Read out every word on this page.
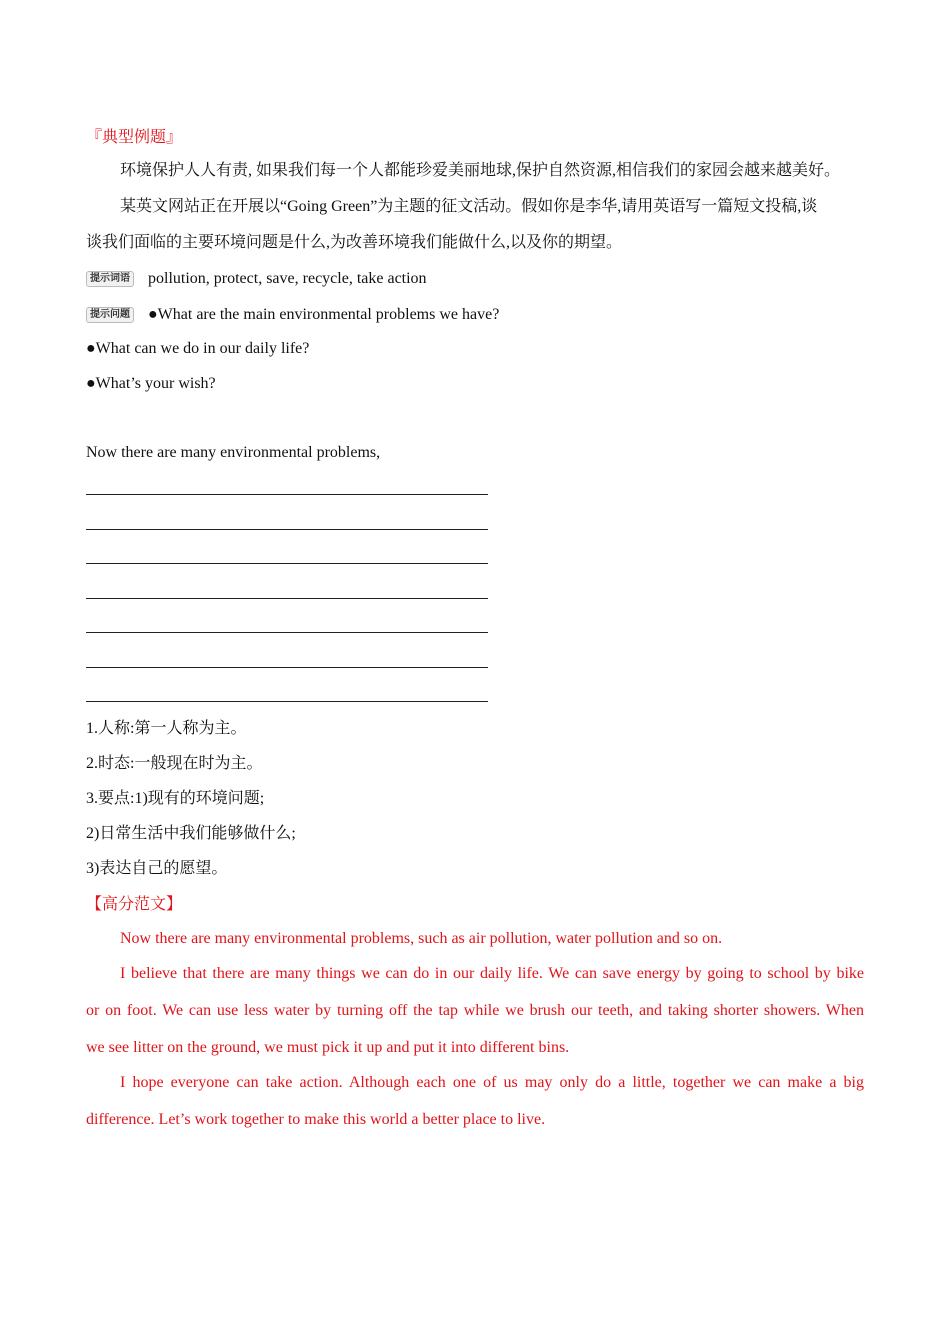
『典型例题』
环境保护人人有责, 如果我们每一个人都能珍爱美丽地球,保护自然资源,相信我们的家园会越来越美好。
某英文网站正在开展以“Going Green”为主题的征文活动。假如你是李华,请用英语写一篇短文投稿,谈
谈我们面临的主要环境问题是什么,为改善环境我们能做什么,以及你的期望。
提示词语 pollution, protect, save, recycle, take action
提示问题 ●What are the main environmental problems we have?
●What can we do in our daily life?
●What’s your wish?
Now there are many environmental problems,
1.人称:第一人称为主。
2.时态:一般现在时为主。
3.要点:1)现有的环境问题;
2)日常生活中我们能够做什么;
3)表达自己的愿望。
【高分范文】
Now there are many environmental problems, such as air pollution, water pollution and so on.
I believe that there are many things we can do in our daily life. We can save energy by going to school by bike
or on foot. We can use less water by turning off the tap while we brush our teeth, and taking shorter showers. When
we see litter on the ground, we must pick it up and put it into different bins.
I hope everyone can take action. Although each one of us may only do a little, together we can make a big
difference. Let’s work together to make this world a better place to live.
